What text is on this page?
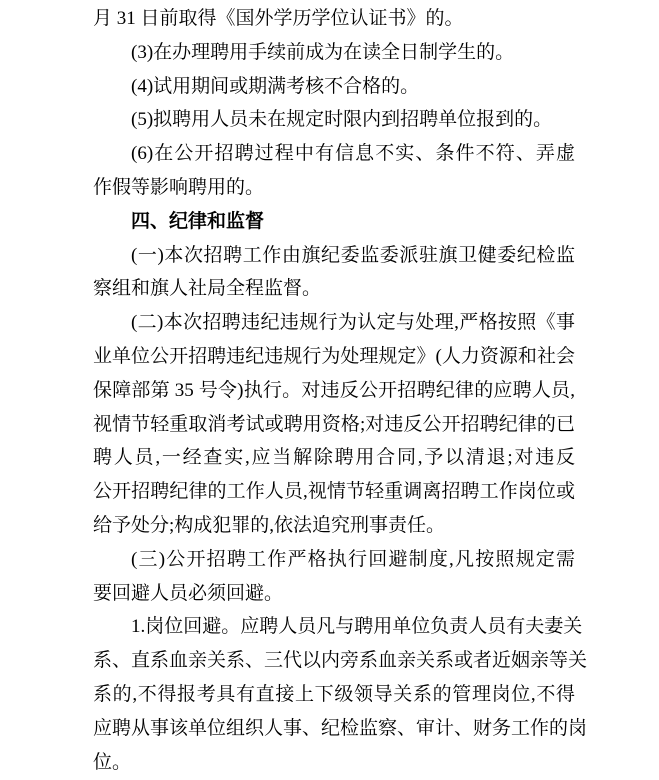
月 31 日前取得《国外学历学位认证书》的。
(3)在办理聘用手续前成为在读全日制学生的。
(4)试用期间或期满考核不合格的。
(5)拟聘用人员未在规定时限内到招聘单位报到的。
(6)在公开招聘过程中有信息不实、条件不符、弄虚
作假等影响聘用的。
四、纪律和监督
(一)本次招聘工作由旗纪委监委派驻旗卫健委纪检监
察组和旗人社局全程监督。
(二)本次招聘违纪违规行为认定与处理,严格按照《事
业单位公开招聘违纪违规行为处理规定》(人力资源和社会
保障部第 35 号令)执行。对违反公开招聘纪律的应聘人员,
视情节轻重取消考试或聘用资格;对违反公开招聘纪律的已
聘人员,一经查实,应当解除聘用合同,予以清退;对违反
公开招聘纪律的工作人员,视情节轻重调离招聘工作岗位或
给予处分;构成犯罪的,依法追究刑事责任。
(三)公开招聘工作严格执行回避制度,凡按照规定需
要回避人员必须回避。
1.岗位回避。应聘人员凡与聘用单位负责人员有夫妻关
系、直系血亲关系、三代以内旁系血亲关系或者近姻亲等关
系的,不得报考具有直接上下级领导关系的管理岗位,不得
应聘从事该单位组织人事、纪检监察、审计、财务工作的岗
位。
